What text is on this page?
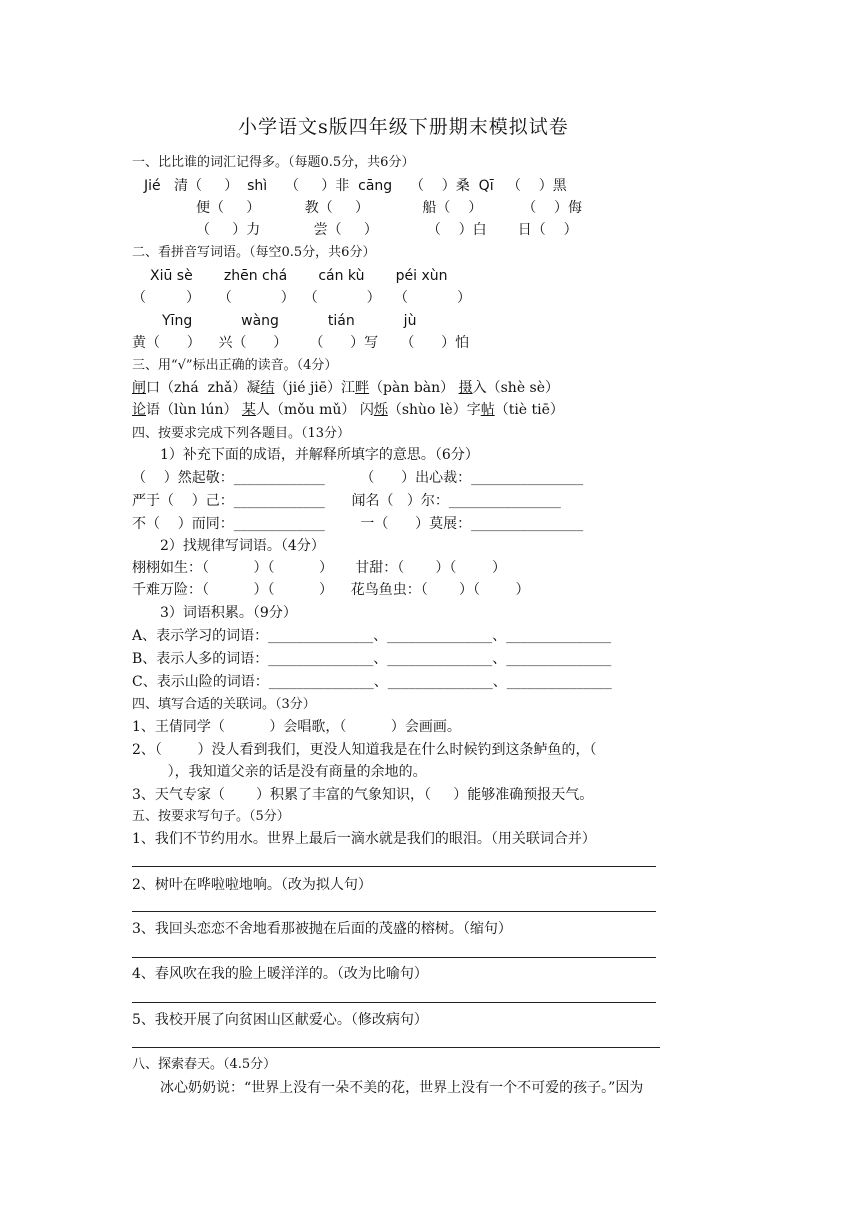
小学语文s版四年级下册期末模拟试卷
一、比比谁的词汇记得多。（每题0.5分，共6分）
Jié   清（     ）  shì    （     ）非  cāng    （    ）桑  Qī   （    ）黑
便（     ）          教（     ）            船（    ）         （    ）侮
（     ）力            尝（     ）           （    ）白       日（    ）
二、看拼音写词语。（每空0.5分，共6分）
Xiū sè       zhēn chá       cán kù       péi xùn
（         ）    （           ）  （           ）   （           ）
Yīng           wàng           tián           jù
黄（      ）    兴（      ）     （      ）写     （      ）怕
三、用“√”标出正确的读音。（4分）
闸口（zhá  zhǎ）凝结（jié jiē）江畔（pàn bàn） 摄入（shè sè）
论语（lùn lún） 某人（mǒu mǔ） 闪烁（shùo lè）字帖（tiè tiē）
四、按要求完成下列各题目。（13分）
1）补充下面的成语，并解释所填字的意思。（6分）
（    ）然起敬：_____________        （      ）出心裁：________________
严于（    ）己：_____________      闻名（   ）尔：________________
不（    ）而同：_____________        一（      ）莫展：________________
2）找规律写词语。（4分）
栩栩如生：（          ）（          ）     甘甜：（       ）（        ）
千难万险：（          ）（          ）    花鸟鱼虫：（       ）（        ）
3）词语积累。（9分）
A、表示学习的词语：_______________、_______________、_______________
B、表示人多的词语：_______________、_______________、_______________
C、表示山险的词语：_______________、_______________、_______________
四、填写合适的关联词。（3分）
1、王倩同学（          ）会唱歌，（          ）会画画。
2、（        ）没人看到我们，更没人知道我是在什么时候钓到这条鲈鱼的，（
），我知道父亲的话是没有商量的余地的。
3、天气专家（       ）积累了丰富的气象知识，（     ）能够准确预报天气。
五、按要求写句子。（5分）
1、我们不节约用水。世界上最后一滴水就是我们的眼泪。（用关联词合并）
2、树叶在哗啦啦地响。（改为拟人句）
3、我回头恋恋不舍地看那被抛在后面的茂盛的榕树。（缩句）
4、春风吹在我的脸上暖洋洋的。（改为比喻句）
5、我校开展了向贫困山区献爱心。（修改病句）
八、探索春天。（4.5分）
冰心奶奶说：“世界上没有一朵不美的花，世界上没有一个不可爱的孩子。”因为
